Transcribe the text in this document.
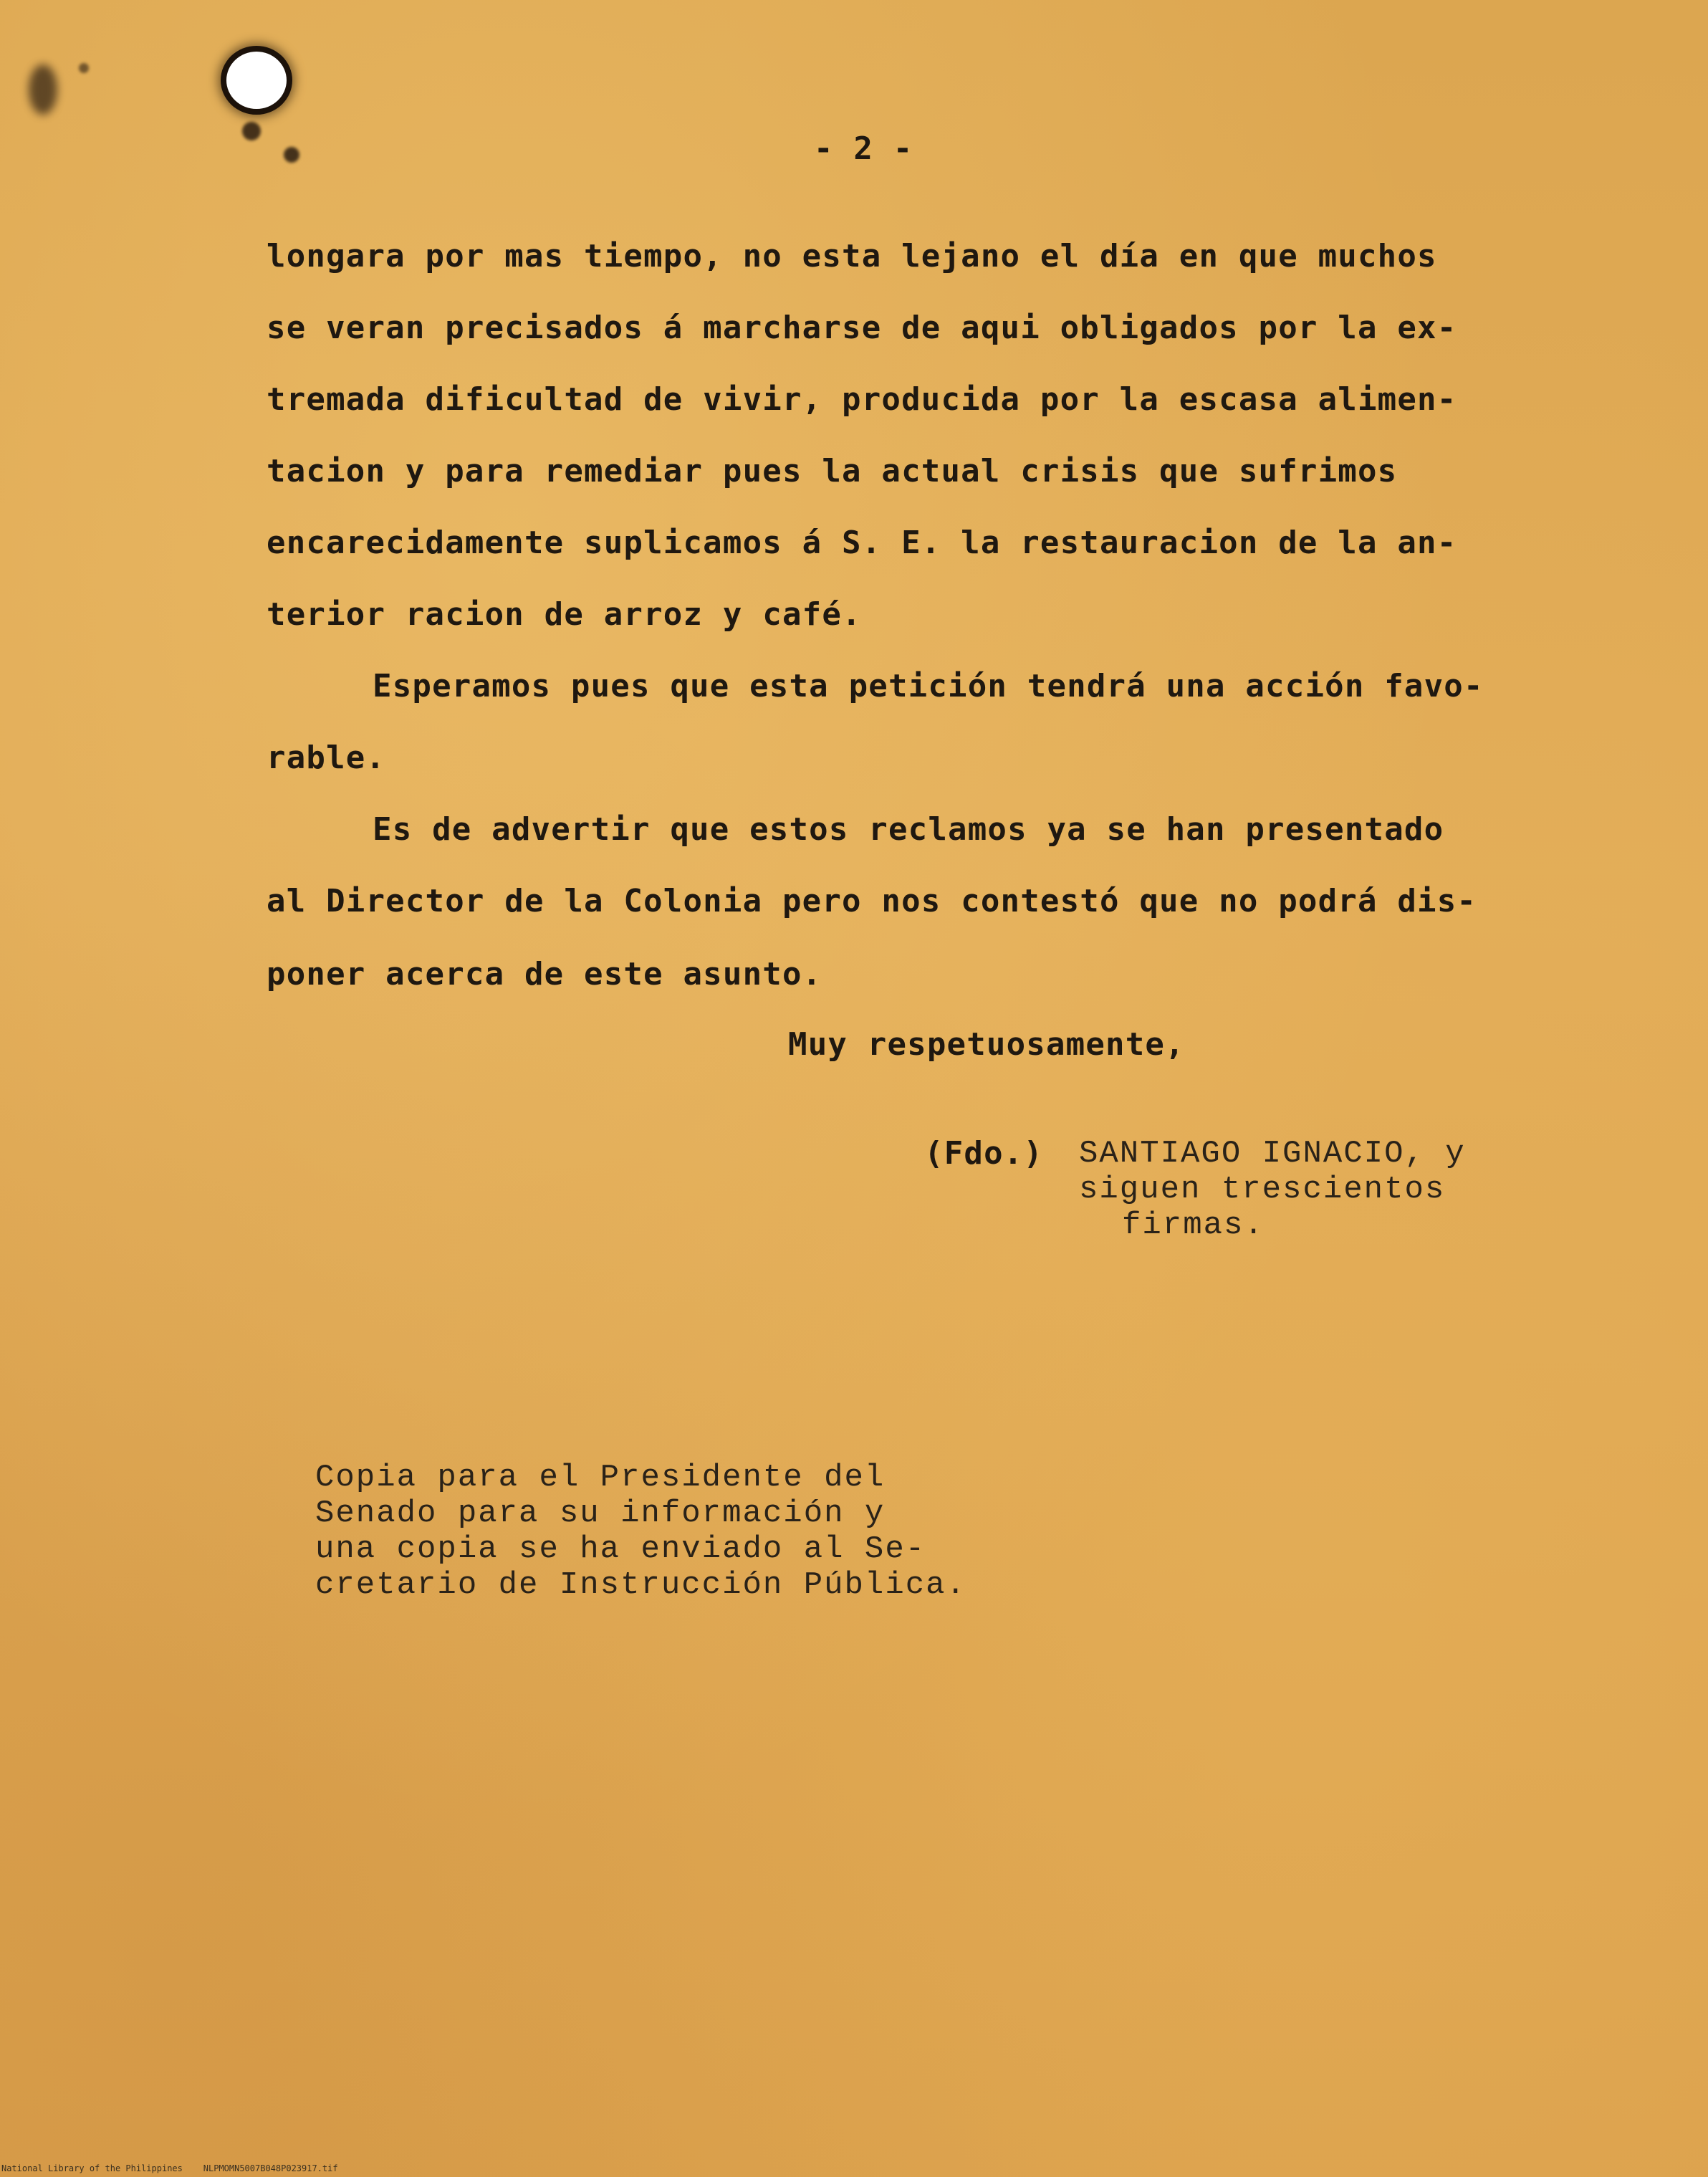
- 2 -

longara por mas tiempo, no esta lejano el día en que muchos

se veran precisados á marcharse de aqui obligados por la ex-

tremada dificultad de vivir, producida por la escasa alimen-

tacion y para remediar pues la actual crisis que sufrimos

encarecidamente suplicamos á S. E. la restauracion de la an-

terior racion de arroz y café.

Esperamos pues que esta petición tendrá una acción favo-

rable.

Es de advertir que estos reclamos ya se han presentado

al Director de la Colonia pero nos contestó que no podrá dis-

poner acerca de este asunto.

Muy respetuosamente,

(Fdo.) SANTIAGO IGNACIO, y

siguen trescientos

firmas.

Copia para el Presidente del

Senado para su información y

una copia se ha enviado al Se-

cretario de Instrucción Pública.

National Library of the Philippines    NLPMOMN5007B048P023917.tif
